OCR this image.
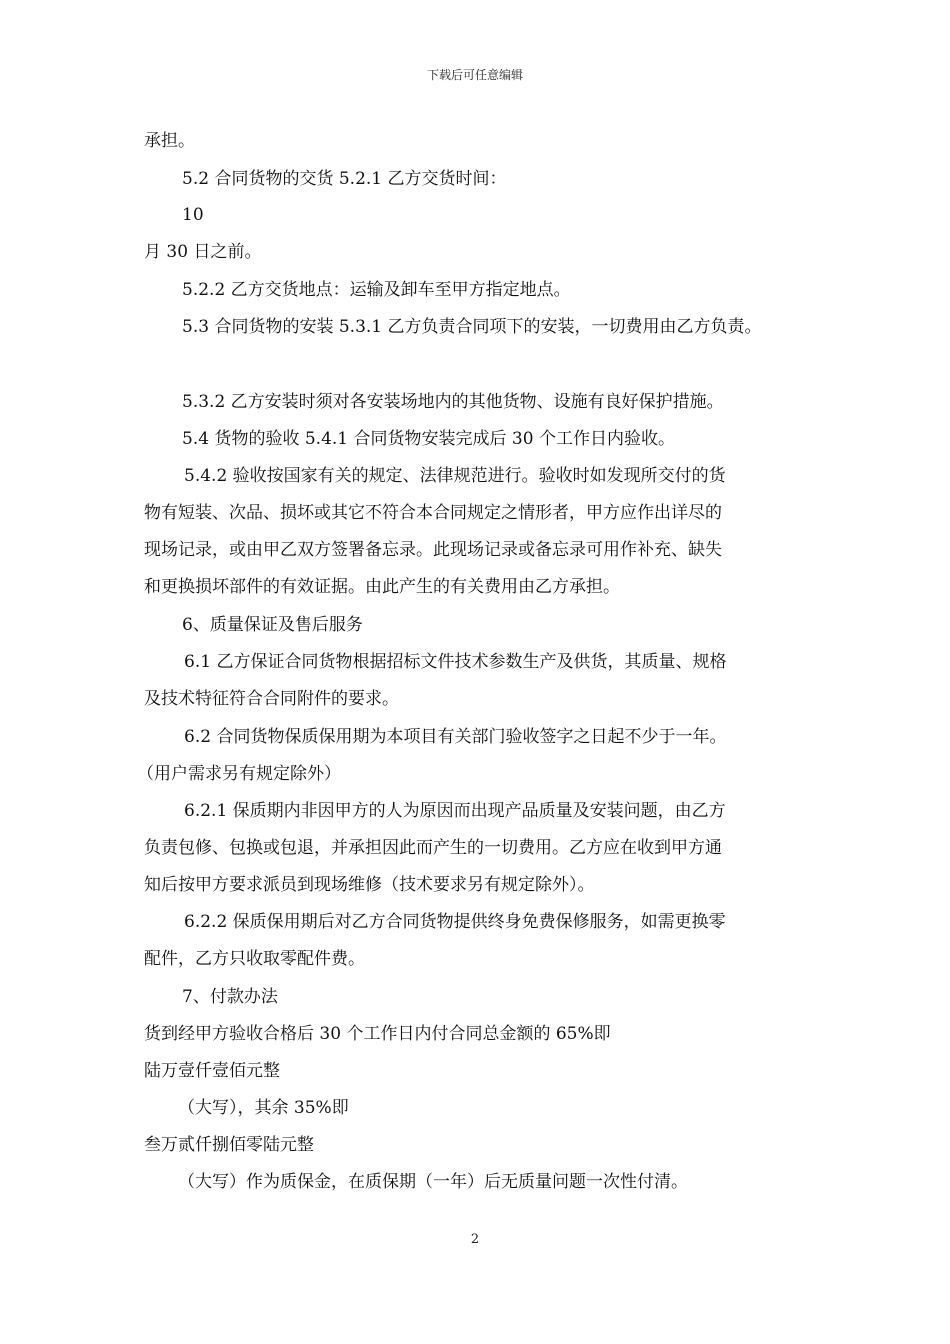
下载后可任意编辑
承担。
5.2 合同货物的交货 5.2.1 乙方交货时间：
10
月 30 日之前。
5.2.2 乙方交货地点：运输及卸车至甲方指定地点。
5.3 合同货物的安装 5.3.1 乙方负责合同项下的安装，一切费用由乙方负责。
5.3.2 乙方安装时须对各安装场地内的其他货物、设施有良好保护措施。
5.4 货物的验收 5.4.1 合同货物安装完成后 30 个工作日内验收。
5.4.2 验收按国家有关的规定、法律规范进行。验收时如发现所交付的货
物有短装、次品、损坏或其它不符合本合同规定之情形者，甲方应作出详尽的
现场记录，或由甲乙双方签署备忘录。此现场记录或备忘录可用作补充、缺失
和更换损坏部件的有效证据。由此产生的有关费用由乙方承担。
6、质量保证及售后服务
6.1 乙方保证合同货物根据招标文件技术参数生产及供货，其质量、规格
及技术特征符合合同附件的要求。
6.2 合同货物保质保用期为本项目有关部门验收签字之日起不少于一年。
（用户需求另有规定除外）
6.2.1 保质期内非因甲方的人为原因而出现产品质量及安装问题，由乙方
负责包修、包换或包退，并承担因此而产生的一切费用。乙方应在收到甲方通
知后按甲方要求派员到现场维修（技术要求另有规定除外）。
6.2.2 保质保用期后对乙方合同货物提供终身免费保修服务，如需更换零
配件，乙方只收取零配件费。
7、付款办法
货到经甲方验收合格后 30 个工作日内付合同总金额的 65%即
陆万壹仟壹佰元整
（大写），其余 35%即
叁万贰仟捌佰零陆元整
（大写）作为质保金，在质保期（一年）后无质量问题一次性付清。
2
